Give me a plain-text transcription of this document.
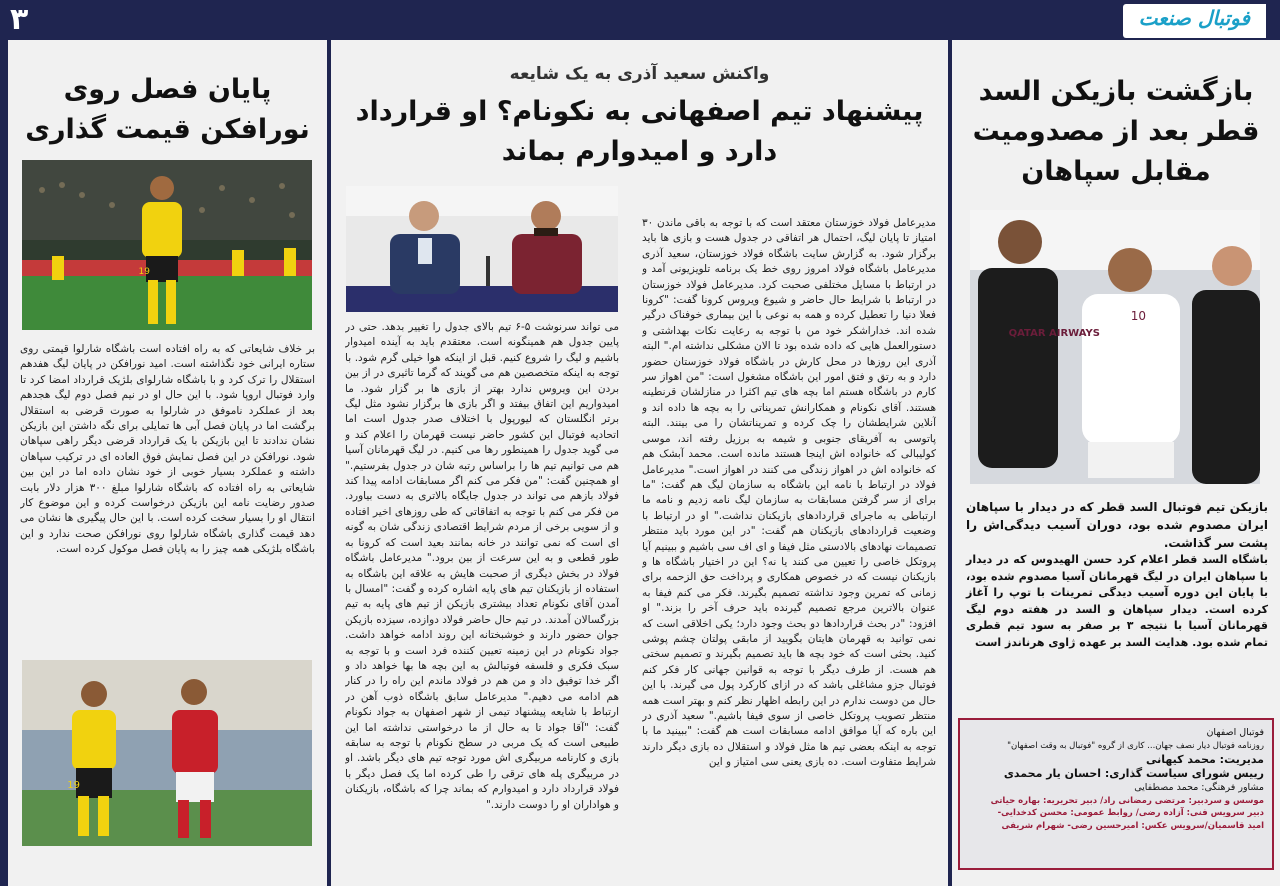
۳	فوتبال صنعت
پایان فصل روی نورافکن قیمت گذاری
19

بر خلاف شایعاتی که به راه افتاده است باشگاه شارلوا قیمتی روی ستاره ایرانی خود نگذاشته است. امید نورافکن در پایان لیگ هفدهم استقلال را ترک کرد و با باشگاه شارلوای بلژیک قرارداد امضا کرد تا وارد فوتبال اروپا شود. با این حال او در نیم فصل دوم لیگ هجدهم بعد از عملکرد ناموفق در شارلوا به صورت قرضی به استقلال برگشت اما در پایان فصل آبی ها تمایلی برای نگه داشتن این بازیکن نشان ندادند تا این بازیکن با یک قرارداد قرضی دیگر راهی سپاهان شود. نورافکن در این فصل نمایش فوق العاده ای در ترکیب سپاهان داشته و عملکرد بسیار خوبی از خود نشان داده اما در این بین شایعاتی به راه افتاده که باشگاه شارلوا مبلغ ۳۰۰ هزار دلار بابت صدور رضایت نامه این بازیکن درخواست کرده و این موضوع کار انتقال او را بسیار سخت کرده است. با این حال پیگیری ها نشان می دهد قیمت گذاری باشگاه شارلوا روی نورافکن صحت ندارد و این باشگاه بلژیکی همه چیز را به پایان فصل موکول کرده است.

19
واکنش سعید آذری به یک شایعه
پیشنهاد تیم اصفهانی به نکونام؟ او قرارداد دارد و امیدوارم بماند

مدیرعامل فولاد خوزستان معتقد است که با توجه به باقی ماندن ۳۰ امتیاز تا پایان لیگ، احتمال هر اتفاقی در جدول هست و بازی ها باید برگزار شود. به گزارش سایت باشگاه فولاد خوزستان، سعید آذری مدیرعامل باشگاه فولاد امروز روی خط یک برنامه تلویزیونی آمد و در ارتباط با مسایل مختلفی صحبت کرد. مدیرعامل فولاد خوزستان در ارتباط با شرایط حال حاضر و شیوع ویروس کرونا گفت: "کرونا فعلا دنیا را تعطیل کرده و همه به نوعی با این بیماری خوفناک درگیر شده اند. خداراشکر خود من با توجه به رعایت نکات بهداشتی و دستورالعمل هایی که داده شده بود تا الان مشکلی نداشته ام." البته آذری این روزها در محل کارش در باشگاه فولاد خوزستان حضور دارد و به رتق و فتق امور این باشگاه مشغول است: "من اهواز سر کارم در باشگاه هستم اما بچه های تیم اکثرا در منازلشان قرنطینه هستند. آقای نکونام و همکارانش تمریناتی را به بچه ها داده اند و آنلاین شرایطشان را چک کرده و تمریناتشان را می بینند. البته پاتوسی به آفریقای جنوبی و شیمه به برزیل رفته اند، موسی کولیبالی که خانواده اش اینجا هستند مانده است. محمد آبشک هم که خانواده اش در اهواز زندگی می کنند در اهواز است." مدیرعامل فولاد در ارتباط با نامه این باشگاه به سازمان لیگ هم گفت: "ما برای از سر گرفتن مسابقات به سازمان لیگ نامه زدیم و نامه ما ارتباطی به ماجرای قراردادهای بازیکنان نداشت." او در ارتباط با وضعیت قراردادهای بازیکنان هم گفت: "در این مورد باید منتظر تصمیمات نهادهای بالادستی مثل فیفا و ای اف سی باشیم و ببینیم آیا پروتکل خاصی را تعیین می کنند یا نه؟ این در اختیار باشگاه ها و بازیکنان نیست که در خصوص همکاری و پرداخت حق الزحمه برای زمانی که تمرین وجود نداشته تصمیم بگیرند. فکر می کنم فیفا به عنوان بالاترین مرجع تصمیم گیرنده باید حرف آخر را بزند." او افزود: "در بحث قراردادها دو بحث وجود دارد؛ یکی اخلاقی است که نمی توانید به قهرمان هایتان بگویید از مابقی پولتان چشم پوشی کنید. بحثی است که خود بچه ها باید تصمیم بگیرند و تصمیم سختی هم هست. از طرف دیگر با توجه به قوانین جهانی کار فکر کنم فوتبال جزو مشاغلی باشد که در ازای کارکرد پول می گیرند. با این حال من دوست ندارم در این رابطه اظهار نظر کنم و بهتر است همه منتظر تصویب پروتکل خاصی از سوی فیفا باشیم." سعید آذری در این باره که آیا موافق ادامه مسابقات است هم گفت: "ببینید ما با توجه به اینکه بعضی تیم ها مثل فولاد و استقلال ده بازی دیگر دارند شرایط متفاوت است. ده بازی یعنی سی امتیاز و این

می تواند سرنوشت ۵-۶ تیم بالای جدول را تغییر بدهد. حتی در پایین جدول هم همینگونه است. معتقدم باید به آینده امیدوار باشیم و لیگ را شروع کنیم. قبل از اینکه هوا خیلی گرم شود. با توجه به اینکه متخصصین هم می گویند که گرما تاثیری در از بین بردن این ویروس ندارد بهتر از بازی ها بر گزار شود. ما امیدواریم این اتفاق بیفتد و اگر بازی ها برگزار نشود مثل لیگ برتر انگلستان که لیورپول با اختلاف صدر جدول است اما اتحادیه فوتبال این کشور حاضر نیست قهرمان را اعلام کند و می گوید جدول را همینطور رها می کنیم. در لیگ قهرمانان آسیا هم می توانیم تیم ها را براساس رتبه شان در جدول بفرستیم." او همچنین گفت: "من فکر می کنم اگر مسابقات ادامه پیدا کند فولاد بازهم می تواند در جدول جایگاه بالاتری به دست بیاورد. من فکر می کنم با توجه به اتفاقاتی که طی روزهای اخیر افتاده و از سویی برخی از مردم شرایط اقتصادی زندگی شان به گونه ای است که نمی توانند در خانه بمانند بعید است که کرونا به طور قطعی و به این سرعت از بین برود." مدیرعامل باشگاه فولاد در بخش دیگری از صحبت هایش به علاقه این باشگاه به استفاده از بازیکنان تیم های پایه اشاره کرده و گفت: "امسال با آمدن آقای نکونام تعداد بیشتری بازیکن از تیم های پایه به تیم بزرگسالان آمدند. در تیم حال حاضر فولاد دوازده، سیزده بازیکن جوان حضور دارند و خوشبختانه این روند ادامه خواهد داشت. جواد نکونام در این زمینه تعیین کننده فرد است و با توجه به سبک فکری و فلسفه فوتبالش به این بچه ها بها خواهد داد و اگر خدا توفیق داد و من هم در فولاد ماندم این راه را در کنار هم ادامه می دهیم." مدیرعامل سابق باشگاه ذوب آهن در ارتباط با شایعه پیشنهاد تیمی از شهر اصفهان به جواد نکونام گفت: "آقا جواد تا به حال از ما درخواستی نداشته اما این طبیعی است که یک مربی در سطح نکونام با توجه به سابقه بازی و کارنامه مربیگری اش مورد توجه تیم های دیگر باشد. او در مربیگری پله های ترقی را طی کرده اما یک فصل دیگر با فولاد قرارداد دارد و امیدوارم که بماند چرا که باشگاه، بازیکنان و هواداران او را دوست دارند."

بازگشت بازیکن السد قطر بعد از مصدومیت مقابل سپاهان
QATAR AIRWAYS
10

بازیکن تیم فوتبال السد قطر که در دیدار با سپاهان ایران مصدوم شده بود، دوران آسیب دیدگی‌اش را پشت سر گذاشت.

باشگاه السد قطر اعلام کرد حسن الهیدوس که در دیدار با سپاهان ایران در لیگ قهرمانان آسیا مصدوم شده بود، با پایان این دوره آسیب دیدگی تمرینات با توپ را آغاز کرده است. دیدار سپاهان و السد در هفته دوم لیگ قهرمانان آسیا با نتیجه ۳ بر صفر به سود تیم قطری تمام شده بود. هدایت السد بر عهده ژاوی هرناندز است

فوتبال اصفهان
روزنامه فوتبال دیار نصف جهان... کاری از گروه "فوتبال به وقت اصفهان"
مدیریت: محمد کیهانی
رییس شورای سیاست گذاری: احسان یار محمدی
مشاور فرهنگی: محمد مصطفایی
موسس و سردبیر: مرتضی رمضانی راد/ دبیر تحریریه: بهاره حیاتی
دبیر سرویس فنی: آزاده رضی/ روابط عمومی: محسن کدخدایی-
امید قاسمیان/سرویس عکس: امیرحسین رضی- شهرام شریفی
